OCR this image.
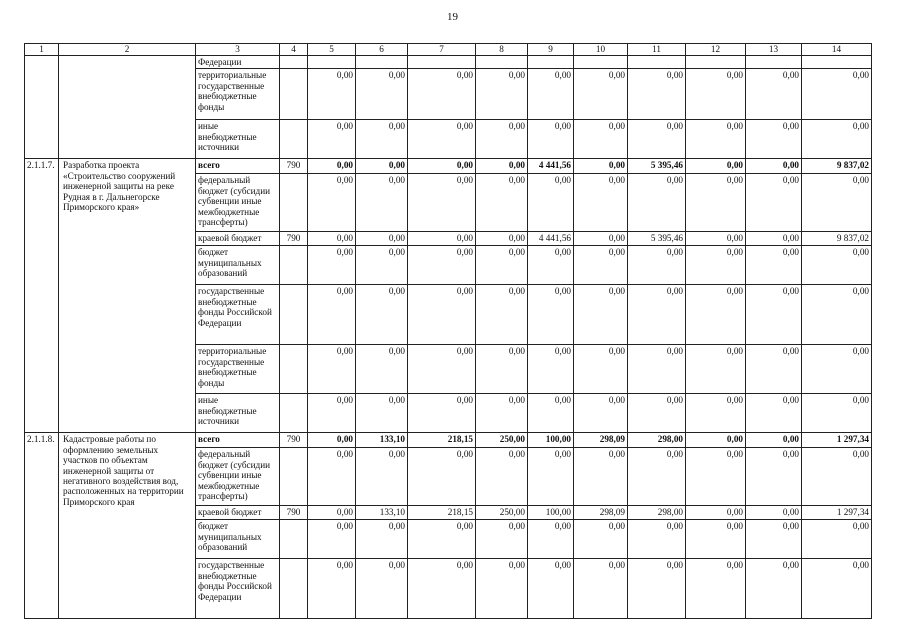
19
1	2	3	4	5	6	7	8	9	10	11	12	13	14
		Федерации											
		территориальные государственные внебюджетные фонды		0,00	0,00	0,00	0,00	0,00	0,00	0,00	0,00	0,00	0,00
		иные внебюджетные источники		0,00	0,00	0,00	0,00	0,00	0,00	0,00	0,00	0,00	0,00
2.1.1.7.	Разработка проекта «Строительство сооружений инженерной защиты на реке Рудная в г. Дальнегорске Приморского края»	всего	790	0,00	0,00	0,00	0,00	4 441,56	0,00	5 395,46	0,00	0,00	9 837,02
		федеральный бюджет (субсидии субвенции иные межбюджетные трансферты)		0,00	0,00	0,00	0,00	0,00	0,00	0,00	0,00	0,00	0,00
		краевой бюджет	790	0,00	0,00	0,00	0,00	4 441,56	0,00	5 395,46	0,00	0,00	9 837,02
		бюджет муниципальных образований		0,00	0,00	0,00	0,00	0,00	0,00	0,00	0,00	0,00	0,00
		государственные внебюджетные фонды Российской Федерации		0,00	0,00	0,00	0,00	0,00	0,00	0,00	0,00	0,00	0,00
		территориальные государственные внебюджетные фонды		0,00	0,00	0,00	0,00	0,00	0,00	0,00	0,00	0,00	0,00
		иные внебюджетные источники		0,00	0,00	0,00	0,00	0,00	0,00	0,00	0,00	0,00	0,00
2.1.1.8.	Кадастровые работы по оформлению земельных участков по объектам инженерной защиты от негативного воздействия вод, расположенных на территории Приморского края	всего	790	0,00	133,10	218,15	250,00	100,00	298,09	298,00	0,00	0,00	1 297,34
		федеральный бюджет (субсидии субвенции иные межбюджетные трансферты)		0,00	0,00	0,00	0,00	0,00	0,00	0,00	0,00	0,00	0,00
		краевой бюджет	790	0,00	133,10	218,15	250,00	100,00	298,09	298,00	0,00	0,00	1 297,34
		бюджет муниципальных образований		0,00	0,00	0,00	0,00	0,00	0,00	0,00	0,00	0,00	0,00
		государственные внебюджетные фонды Российской Федерации		0,00	0,00	0,00	0,00	0,00	0,00	0,00	0,00	0,00	0,00
